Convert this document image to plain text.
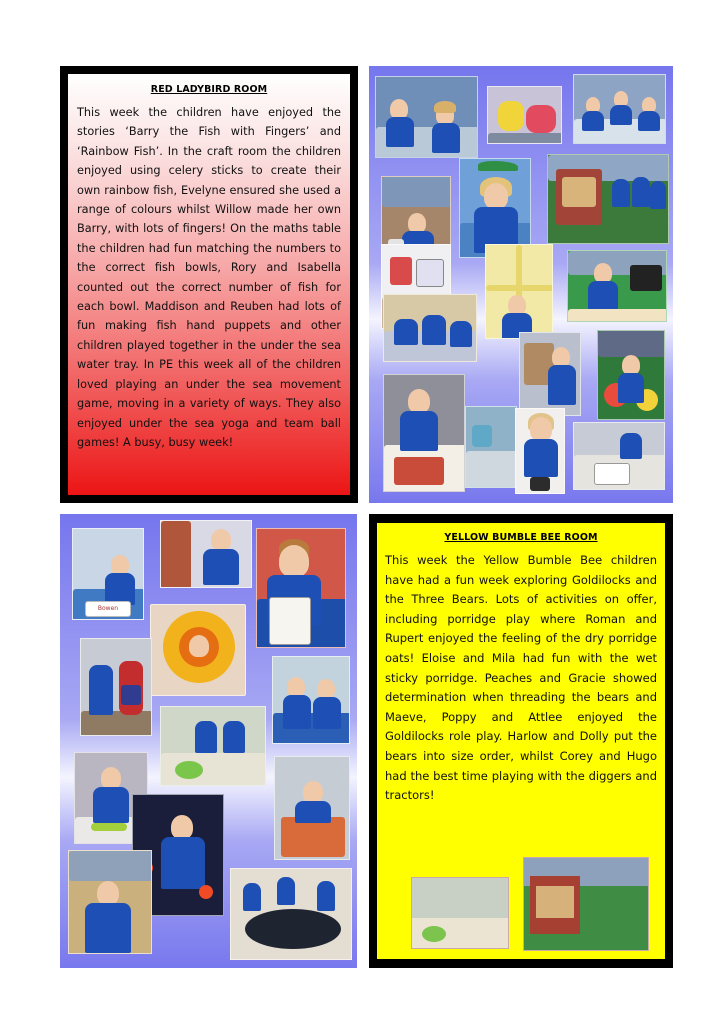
RED LADYBIRD ROOM

This week the children have enjoyed the stories ‘Barry the Fish with Fingers’ and ‘Rainbow Fish’. In the craft room the children enjoyed using celery sticks to create their own rainbow fish, Evelyne ensured she used a range of colours whilst Willow made her own Barry, with lots of fingers! On the maths table the children had fun matching the numbers to the correct fish bowls, Rory and Isabella counted out the correct number of fish for each bowl. Maddison and Reuben had lots of fun making fish hand puppets and other children played together in the under the sea water tray. In PE this week all of the children loved playing an under the sea movement game, moving in a variety of ways. They also enjoyed under the sea yoga and team ball games! A busy, busy week!

Bowen
YELLOW BUMBLE BEE ROOM

This week the Yellow Bumble Bee children have had a fun week exploring Goldilocks and the Three Bears. Lots of activities on offer, including porridge play where Roman and Rupert enjoyed the feeling of the dry porridge oats! Eloise and Mila had fun with the wet sticky porridge. Peaches and Gracie showed determination when threading the bears and Maeve, Poppy and Attlee enjoyed the Goldilocks role play. Harlow and Dolly put the bears into size order, whilst Corey and Hugo had the best time playing with the diggers and tractors!
